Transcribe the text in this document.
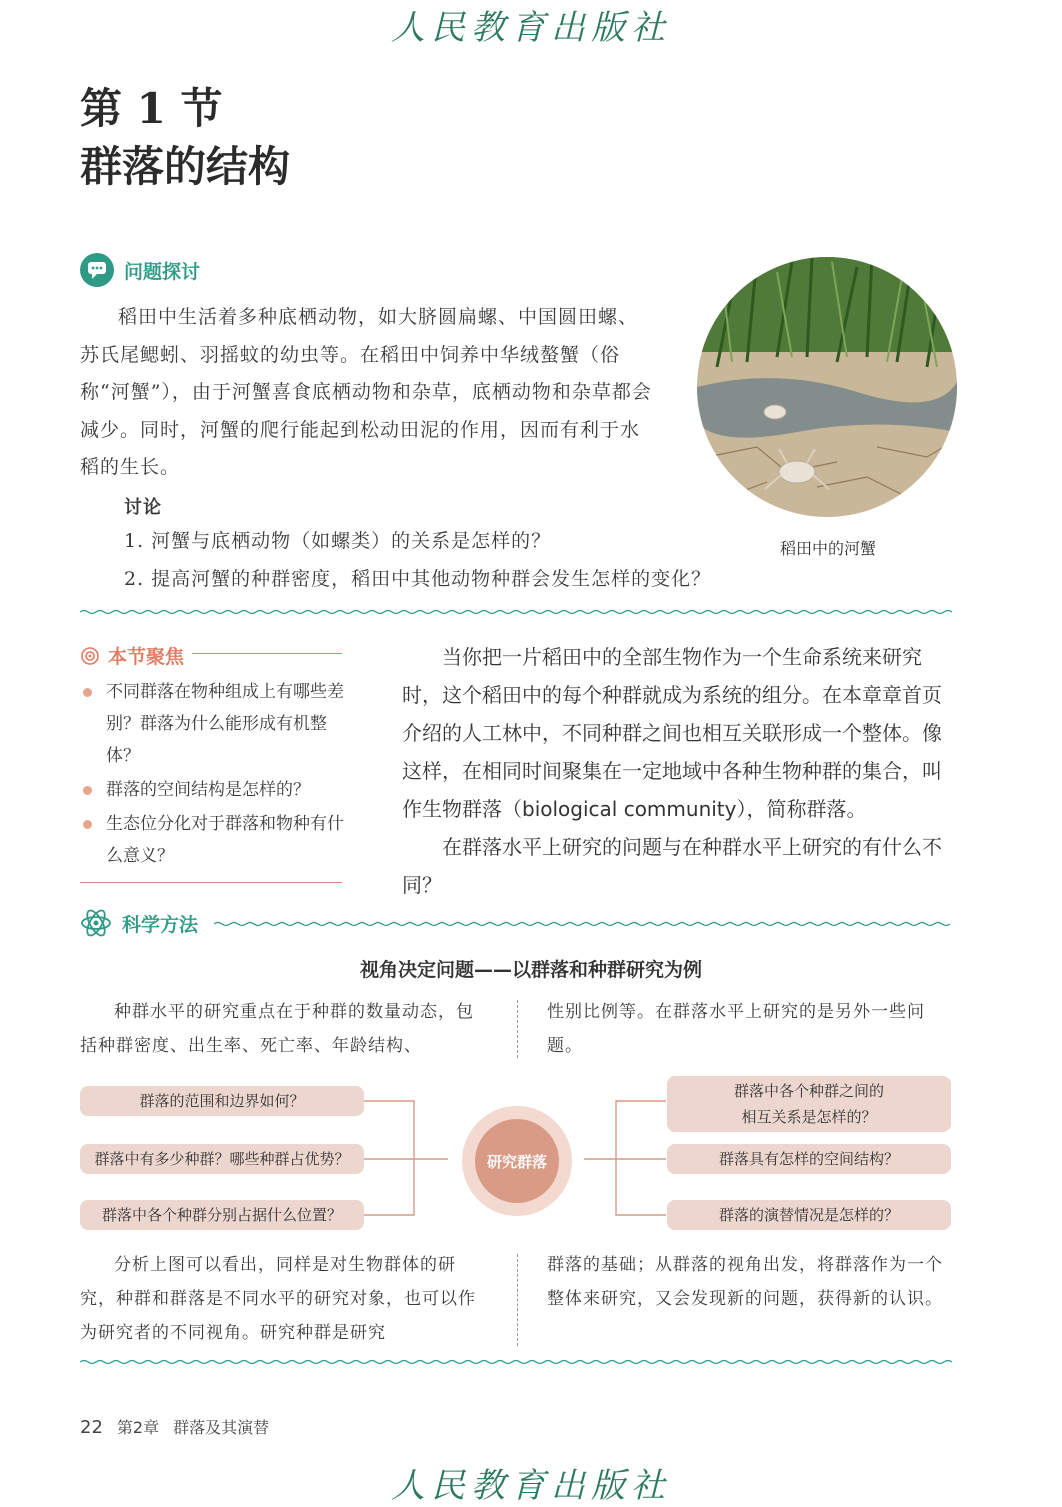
人民教育出版社
第 1 节
群落的结构
问题探讨
稻田中生活着多种底栖动物，如大脐圆扁螺、中国圆田螺、苏氏尾鳃蚓、羽摇蚊的幼虫等。在稻田中饲养中华绒螯蟹（俗称“河蟹”），由于河蟹喜食底栖动物和杂草，底栖动物和杂草都会减少。同时，河蟹的爬行能起到松动田泥的作用，因而有利于水稻的生长。
讨论
1. 河蟹与底栖动物（如螺类）的关系是怎样的？
2. 提高河蟹的种群密度，稻田中其他动物种群会发生怎样的变化？
稻田中的河蟹
本节聚焦
不同群落在物种组成上有哪些差别？群落为什么能形成有机整体？
群落的空间结构是怎样的？
生态位分化对于群落和物种有什么意义？
当你把一片稻田中的全部生物作为一个生命系统来研究时，这个稻田中的每个种群就成为系统的组分。在本章章首页介绍的人工林中，不同种群之间也相互关联形成一个整体。像这样，在相同时间聚集在一定地域中各种生物种群的集合，叫作生物群落（biological community），简称群落。
在群落水平上研究的问题与在种群水平上研究的有什么不同？
科学方法
视角决定问题——以群落和种群研究为例
种群水平的研究重点在于种群的数量动态，包括种群密度、出生率、死亡率、年龄结构、
性别比例等。在群落水平上研究的是另外一些问题。
群落的范围和边界如何？
群落中有多少种群？哪些种群占优势？
群落中各个种群分别占据什么位置？
研究群落
群落中各个种群之间的
相互关系是怎样的？
群落具有怎样的空间结构？
群落的演替情况是怎样的？
分析上图可以看出，同样是对生物群体的研究，种群和群落是不同水平的研究对象，也可以作为研究者的不同视角。研究种群是研究
群落的基础；从群落的视角出发，将群落作为一个整体来研究，又会发现新的问题，获得新的认识。
22 第2章 群落及其演替
人民教育出版社
